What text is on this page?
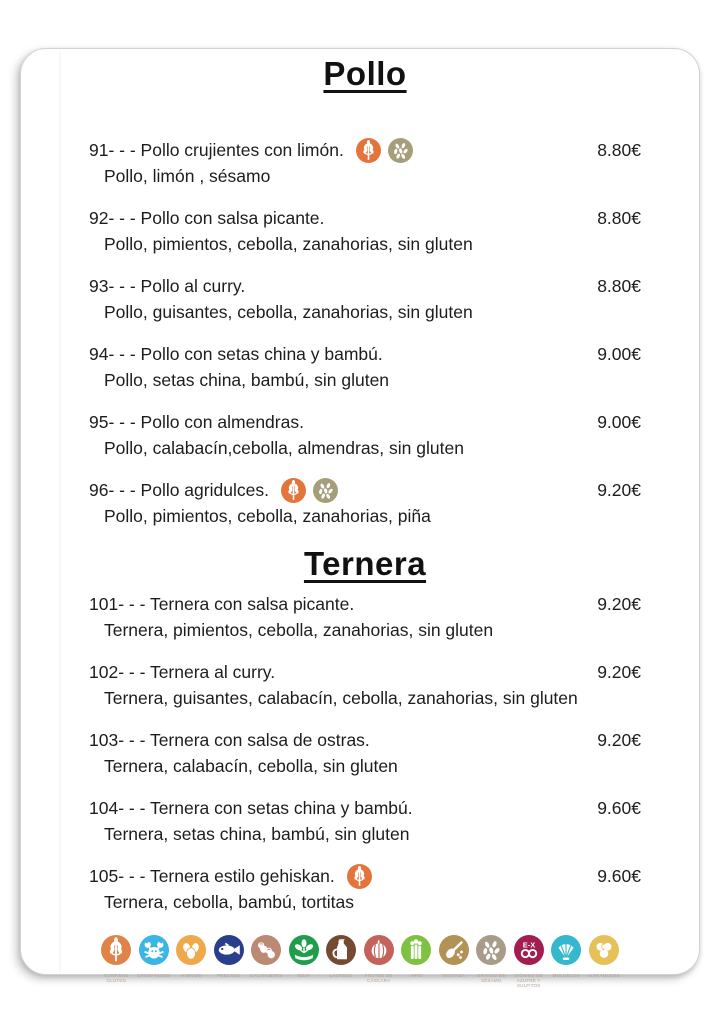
Pollo
91- - - Pollo crujientes con limón.
Pollo, limón , sésamo
8.80€
92- - - Pollo con salsa picante.
Pollo, pimientos, cebolla, zanahorias, sin gluten
8.80€
93- - - Pollo al curry.
Pollo, guisantes, cebolla, zanahorias, sin gluten
8.80€
94- - - Pollo con setas china y bambú.
Pollo, setas china, bambú, sin gluten
9.00€
95- - - Pollo con almendras.
Pollo, calabacín,cebolla, almendras, sin gluten
9.00€
96- - - Pollo agridulces.
Pollo, pimientos, cebolla, zanahorias, piña
9.20€
Ternera
101- - - Ternera con salsa picante.
Ternera, pimientos, cebolla, zanahorias, sin gluten
9.20€
102- - - Ternera al curry.
Ternera, guisantes, calabacín, cebolla, zanahorias, sin gluten
9.20€
103- - - Ternera con salsa de ostras.
Ternera, calabacín, cebolla, sin gluten
9.20€
104- - - Ternera con setas china y bambú.
Ternera, setas china, bambú, sin gluten
9.60€
105- - - Ternera estilo gehiskan.
Ternera, cebolla, bambú, tortitas
9.60€
CONTIENE GLUTEN
CRUSTÁCEOS HUEVOS	PESCADO CACAHUETES	SOJA	LÁCTEOS	FRUTOS DE CÁSCARA
APIO	MOSTAZA	GRANOS DE SÉSAMO
E-X
DIÓXIDO DE AZUFRE Y SULFITOS
MOLUSCOS ALTRAMUCES
